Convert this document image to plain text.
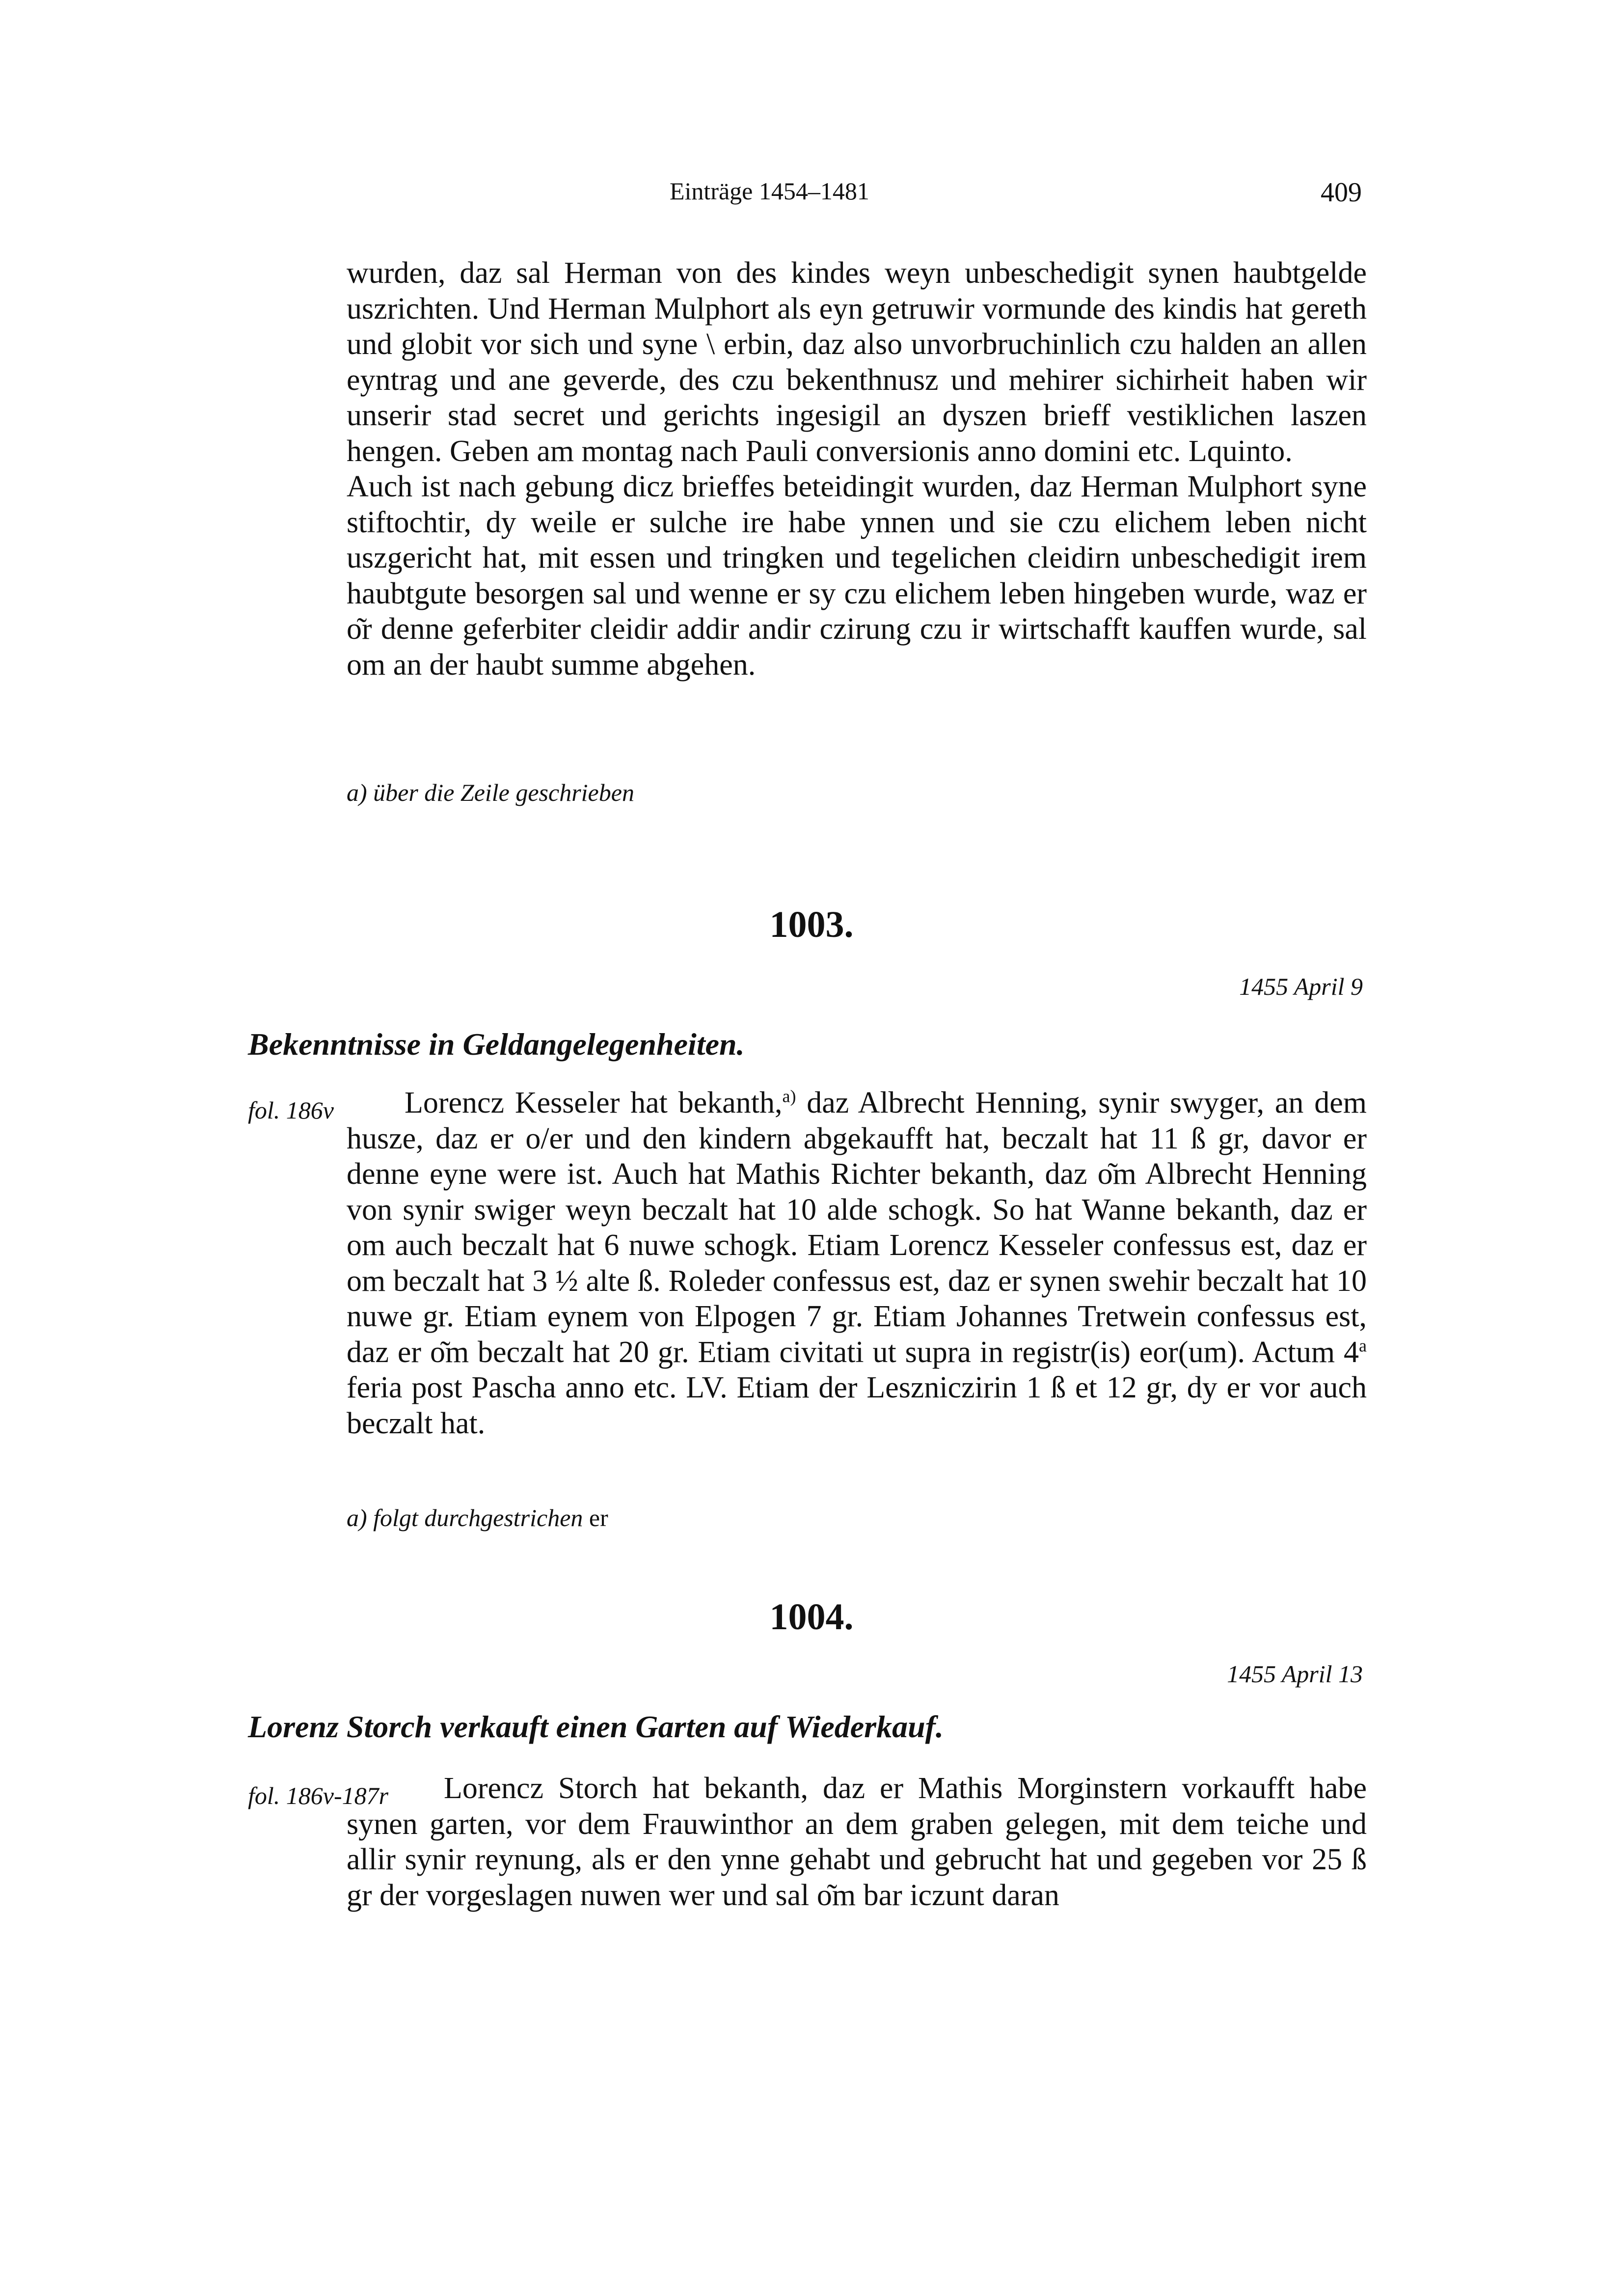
Einträge 1454–1481	409

wurden, daz sal Herman von des kindes weyn unbeschedigit synen haubtgelde uszrichten. Und Herman Mulphort als eyn getruwir vormunde des kindis hat gereth und globit vor sich und syne \ erbin, daz also unvorbruchinlich czu halden an allen eyntrag und ane geverde, des czu bekenthnusz und mehirer sichirheit haben wir unserir stad secret und gerichts ingesigil an dyszen brieff vestiklichen laszen hengen. Geben am montag nach Pauli conversionis anno domini etc. Lquinto.

Auch ist nach gebung dicz brieffes beteidingit wurden, daz Herman Mulphort syne stiftochtir, dy weile er sulche ire habe ynnen und sie czu elichem leben nicht uszgericht hat, mit essen und tringken und tegelichen cleidirn unbeschedigit irem haubtgute besorgen sal und wenne er sy czu elichem leben hingeben wurde, waz er o͂r denne geferbiter cleidir addir andir czirung czu ir wirtschafft kauffen wurde, sal om an der haubt summe abgehen.

a) über die Zeile geschrieben
1003.
1455 April 9
Bekenntnisse in Geldangelegenheiten.
fol. 186v	Lorencz Kesseler hat bekanth,$^{a)}$ daz Albrecht Henning, synir swyger, an dem husze, daz er o/er und den kindern abgekaufft hat, beczalt hat 11 ß gr, davor er denne eyne were ist. Auch hat Mathis Richter bekanth, daz o͂m Albrecht Henning von synir swiger weyn beczalt hat 10 alde schogk. So hat Wanne bekanth, daz er om auch beczalt hat 6 nuwe schogk. Etiam Lorencz Kesseler confessus est, daz er om beczalt hat 3 ½ alte ß. Roleder confessus est, daz er synen swehir beczalt hat 10 nuwe gr. Etiam eynem von Elpogen 7 gr. Etiam Johannes Tretwein confessus est, daz er o͂m beczalt hat 20 gr. Etiam civitati ut supra in registr(is) eor(um). Actum 4$^a$ feria post Pascha anno etc. LV. Etiam der Leszniczirin 1 ß et 12 gr, dy er vor auch beczalt hat.

a) folgt durchgestrichen er
1004.
1455 April 13
Lorenz Storch verkauft einen Garten auf Wiederkauf.
fol. 186v-187r	Lorencz Storch hat bekanth, daz er Mathis Morginstern vorkaufft habe synen garten, vor dem Frauwinthor an dem graben gelegen, mit dem teiche und allir synir reynung, als er den ynne gehabt und gebrucht hat und gegeben vor 25 ß gr der vorgeslagen nuwen wer und sal o͂m bar iczunt daran
